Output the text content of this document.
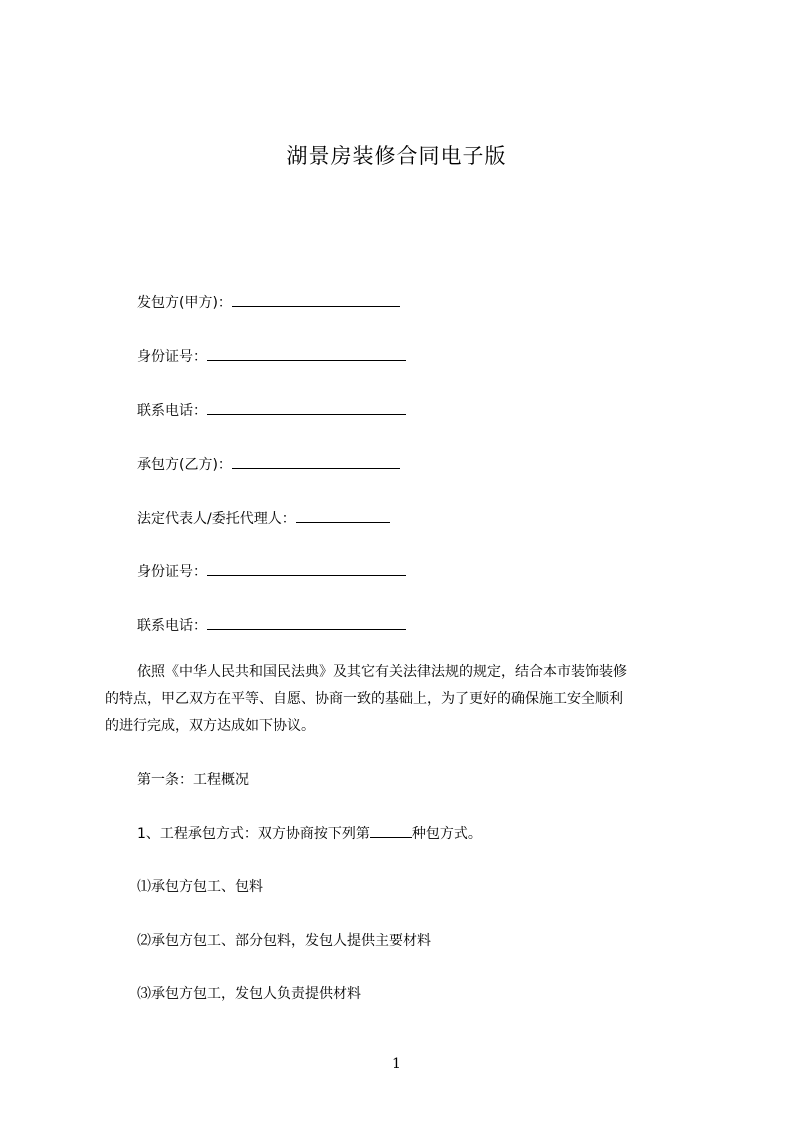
湖景房装修合同电子版
发包方(甲方)：
身份证号：
联系电话：
承包方(乙方)：
法定代表人/委托代理人：
身份证号：
联系电话：
依照《中华人民共和国民法典》及其它有关法律法规的规定，结合本市装饰装修
的特点，甲乙双方在平等、自愿、协商一致的基础上，为了更好的确保施工安全顺利
的进行完成，双方达成如下协议。
第一条：工程概况
1、工程承包方式：双方协商按下列第	种包方式。
⑴承包方包工、包料
⑵承包方包工、部分包料，发包人提供主要材料
⑶承包方包工，发包人负责提供材料
1
